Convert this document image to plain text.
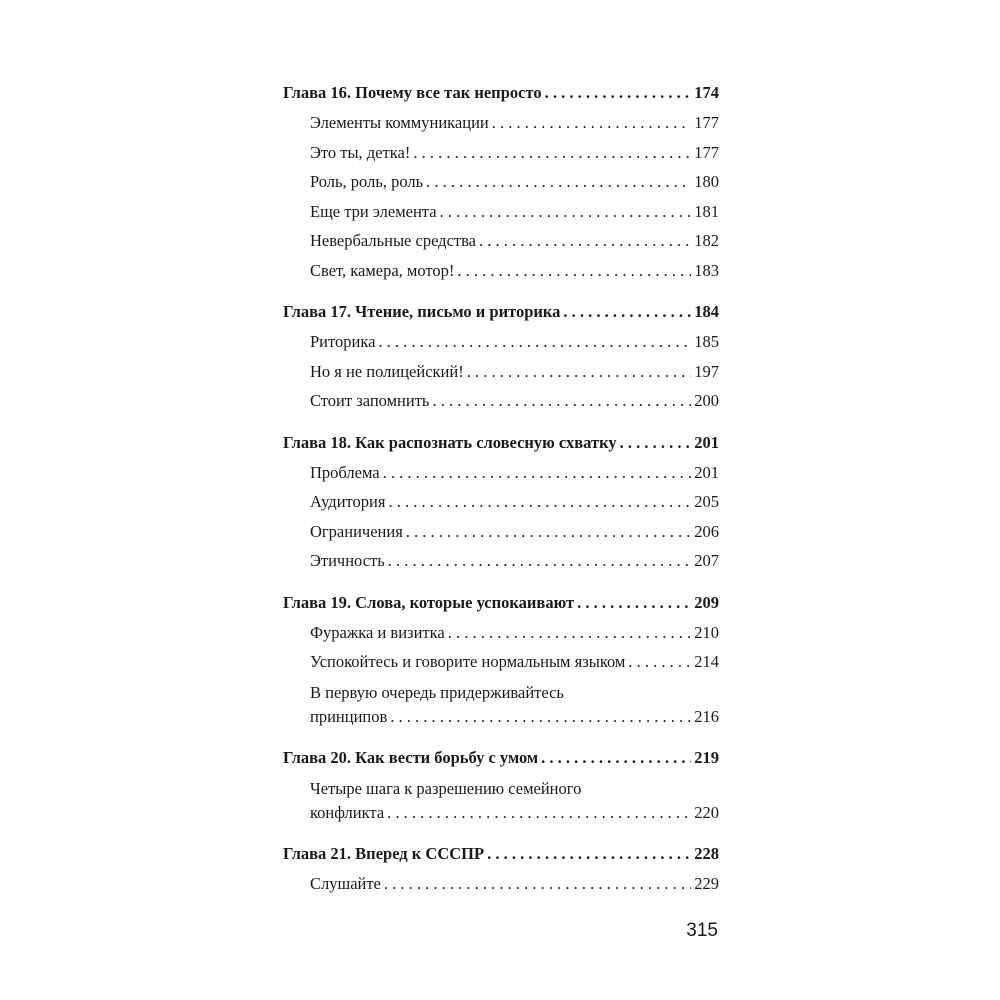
Глава 16. Почему все так непросто . . .	174
Элементы коммуникации . . .	177
Это ты, детка! . . .	177
Роль, роль, роль . . .	180
Еще три элемента . . .	181
Невербальные средства . . .	182
Свет, камера, мотор! . . .	183
Глава 17. Чтение, письмо и риторика . . .	184
Риторика . . .	185
Но я не полицейский! . . .	197
Стоит запомнить . . .	200
Глава 18. Как распознать словесную схватку . . .	201
Проблема . . .	201
Аудитория . . .	205
Ограничения . . .	206
Этичность . . .	207
Глава 19. Слова, которые успокаивают . . .	209
Фуражка и визитка . . .	210
Успокойтесь и говорите нормальным языком . . .	214
В первую очередь придерживайтесь
принципов . . .	216
Глава 20. Как вести борьбу с умом . . .	219
Четыре шага к разрешению семейного
конфликта . . .	220
Глава 21. Вперед к СССПР . . .	228
Слушайте . . .	229
315
